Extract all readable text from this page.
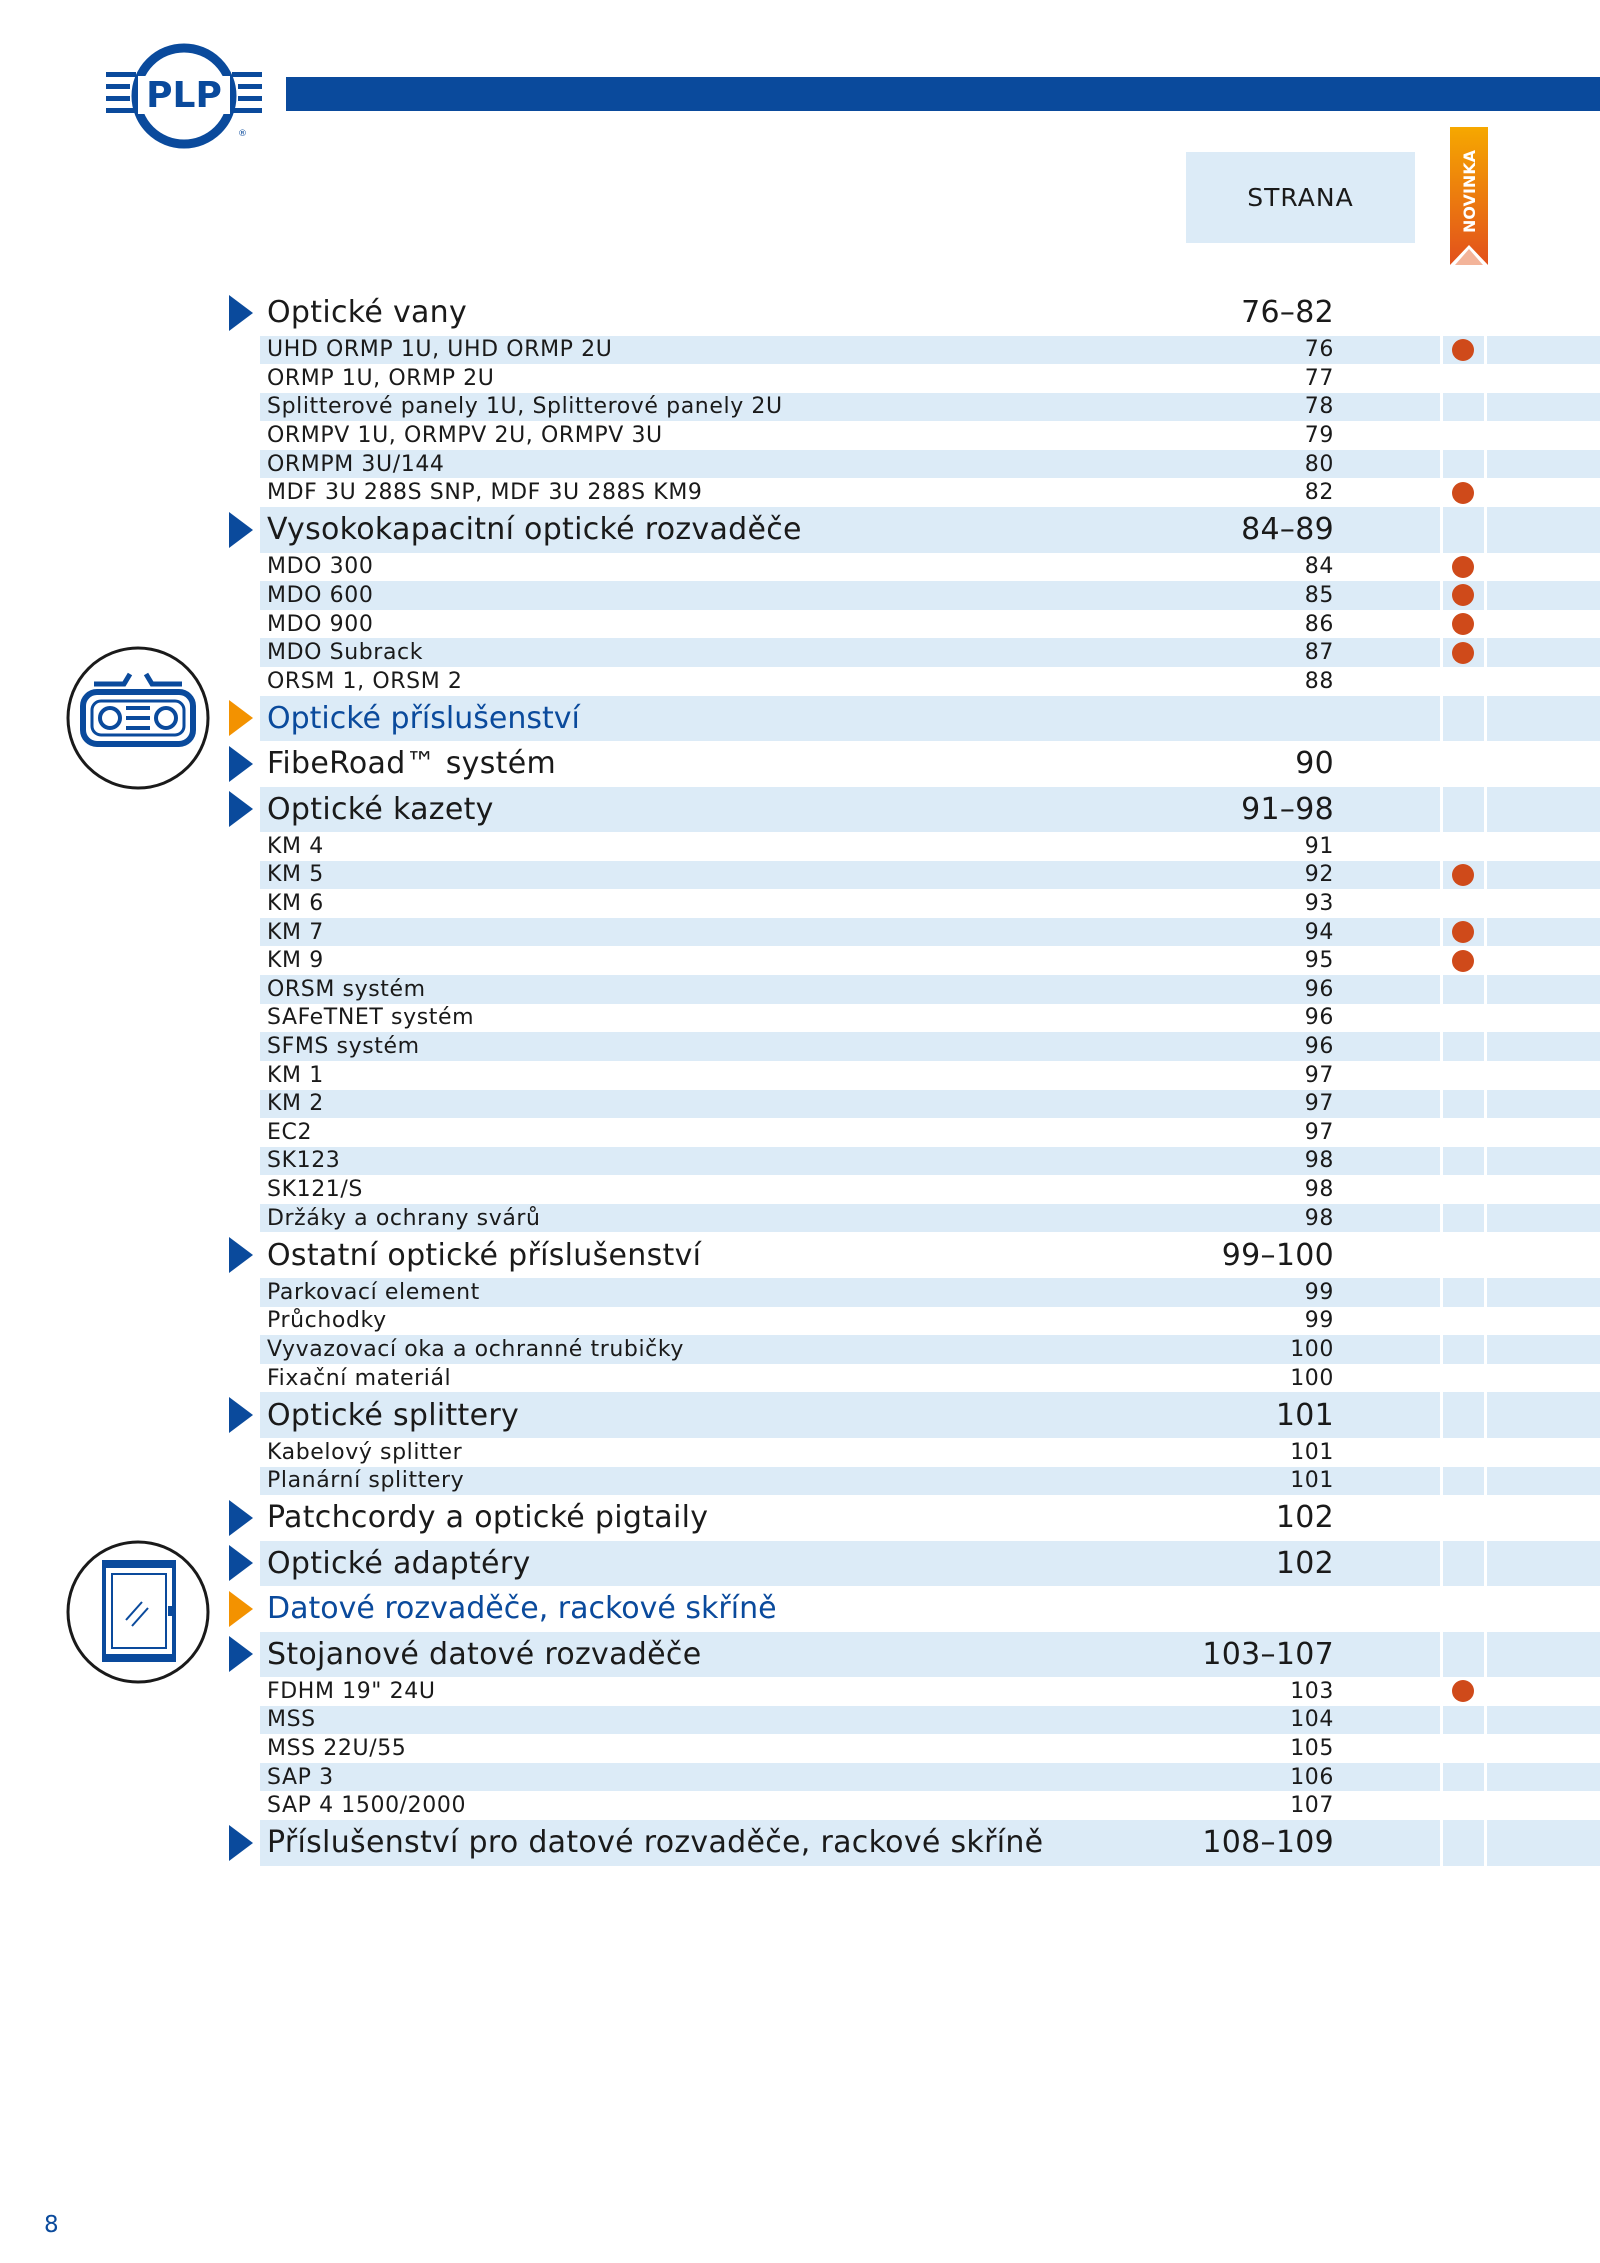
PLP
®
STRANA	NOVINKA
Optické vany	76–82
UHD ORMP 1U, UHD ORMP 2U	76
ORMP 1U, ORMP 2U	77
Splitterové panely 1U, Splitterové panely 2U	78
ORMPV 1U, ORMPV 2U, ORMPV 3U	79
ORMPM 3U/144	80
MDF 3U 288S SNP, MDF 3U 288S KM9	82
Vysokokapacitní optické rozvaděče	84–89
MDO 300	84
MDO 600	85
MDO 900	86
MDO Subrack	87
ORSM 1, ORSM 2	88
Optické příslušenství
FibeRoad™ systém	90
Optické kazety	91–98
KM 4	91
KM 5	92
KM 6	93
KM 7	94
KM 9	95
ORSM systém	96
SAFeTNET systém	96
SFMS systém	96
KM 1	97
KM 2	97
EC2	97
SK123	98
SK121/S	98
Držáky a ochrany svárů	98
Ostatní optické příslušenství	99–100
Parkovací element	99
Průchodky	99
Vyvazovací oka a ochranné trubičky	100
Fixační materiál	100
Optické splittery	101
Kabelový splitter	101
Planární splittery	101
Patchcordy a optické pigtaily	102
Optické adaptéry	102
Datové rozvaděče, rackové skříně
Stojanové datové rozvaděče	103–107
FDHM 19" 24U	103
MSS	104
MSS 22U/55	105
SAP 3	106
SAP 4 1500/2000	107
Příslušenství pro datové rozvaděče, rackové skříně	108–109
8
